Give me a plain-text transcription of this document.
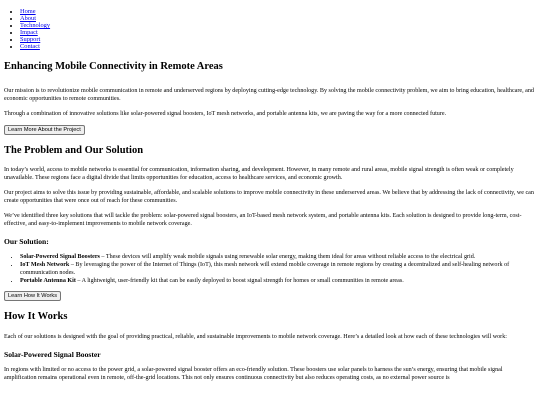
• Home
• About
• Technology
• Impact
• Support
• Contact
Enhancing Mobile Connectivity in Remote Areas

Our mission is to revolutionize mobile communication in remote and underserved regions by deploying cutting-edge technology. By solving the mobile connectivity problem, we aim to bring education, healthcare, and economic opportunities to remote communities.

Through a combination of innovative solutions like solar-powered signal boosters, IoT mesh networks, and portable antenna kits, we are paving the way for a more connected future.

Learn More About the Project
The Problem and Our Solution

In today’s world, access to mobile networks is essential for communication, information sharing, and development. However, in many remote and rural areas, mobile signal strength is often weak or completely unavailable. These regions face a digital divide that limits opportunities for education, access to healthcare services, and economic growth.

Our project aims to solve this issue by providing sustainable, affordable, and scalable solutions to improve mobile connectivity in these underserved areas. We believe that by addressing the lack of connectivity, we can create opportunities that were once out of reach for these communities.

We’ve identified three key solutions that will tackle the problem: solar-powered signal boosters, an IoT-based mesh network system, and portable antenna kits. Each solution is designed to provide long-term, cost-effective, and easy-to-implement improvements to mobile network coverage.

Our Solution:
• Solar-Powered Signal Boosters – These devices will amplify weak mobile signals using renewable solar energy, making them ideal for areas without reliable access to the electrical grid.
• IoT Mesh Network – By leveraging the power of the Internet of Things (IoT), this mesh network will extend mobile coverage in remote regions by creating a decentralized and self-healing network of communication nodes.
• Portable Antenna Kit – A lightweight, user-friendly kit that can be easily deployed to boost signal strength for homes or small communities in remote areas.
Learn How It Works
How It Works

Each of our solutions is designed with the goal of providing practical, reliable, and sustainable improvements to mobile network coverage. Here’s a detailed look at how each of these technologies will work:

Solar-Powered Signal Booster

In regions with limited or no access to the power grid, a solar-powered signal booster offers an eco-friendly solution. These boosters use solar panels to harness the sun’s energy, ensuring that mobile signal amplification remains operational even in remote, off-the-grid locations. This not only ensures continuous connectivity but also reduces operating costs, as no external power source is
